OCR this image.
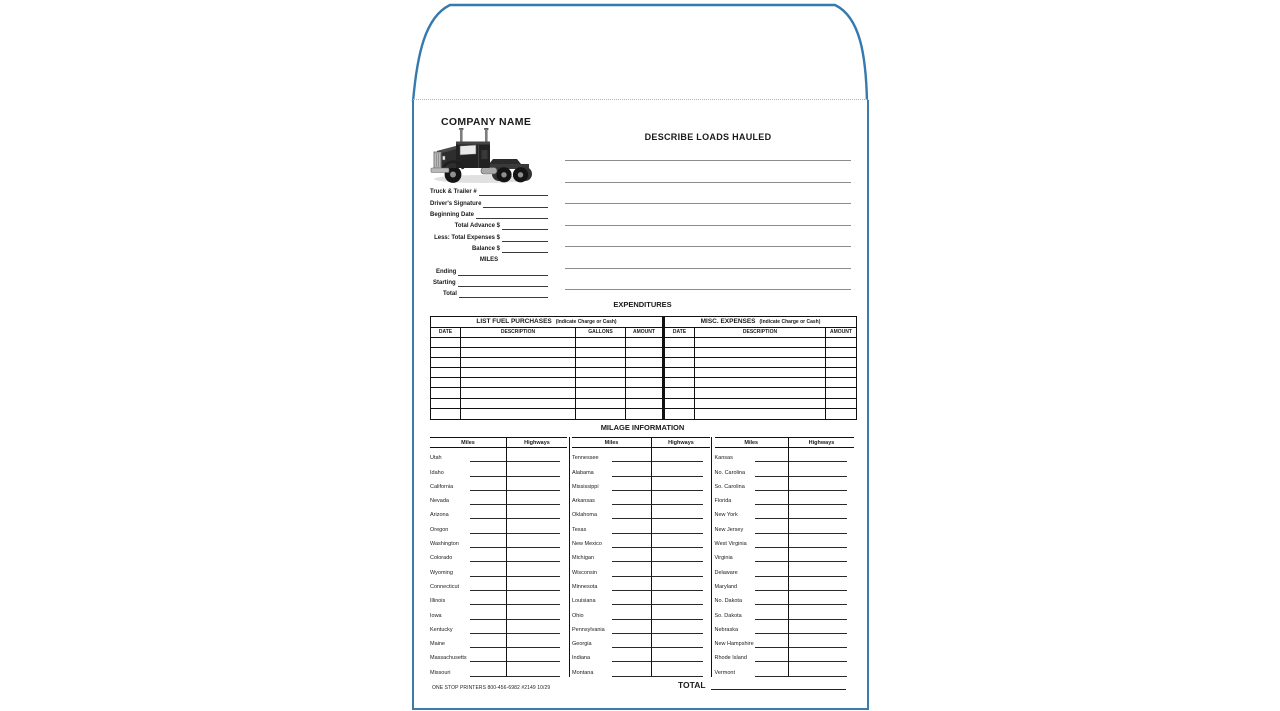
COMPANY NAME
Truck & Trailer #
Driver's Signature
Beginning Date
Total Advance $
Less: Total Expenses $
Balance $
MILES
Ending
Starting
Total
DESCRIBE LOADS HAULED
EXPENDITURES
LIST FUEL PURCHASES (Indicate Charge or Cash)	MISC. EXPENSES (Indicate Charge or Cash)
DATE	DESCRIPTION	GALLONS	AMOUNT	DATE	DESCRIPTION	AMOUNT
MILAGE INFORMATION
Miles	Highways
Utah
Idaho
California
Nevada
Arizona
Oregon
Washington
Colorado
Wyoming
Connecticut
Illinois
Iowa
Kentucky
Maine
Massachusetts
Missouri
Miles	Highways
Tennessee
Alabama
Mississippi
Arkansas
Oklahoma
Texas
New Mexico
Michigan
Wisconsin
Minnesota
Louisiana
Ohio
Pennsylvania
Georgia
Indiana
Montana
Miles	Highways
Kansas
No. Carolina
So. Carolina
Florida
New York
New Jersey
West Virginia
Virginia
Delaware
Maryland
No. Dakota
So. Dakota
Nebraska
New Hampshire
Rhode Island
Vermont
ONE STOP PRINTERS 800-456-6982 #2149 10/29	TOTAL
